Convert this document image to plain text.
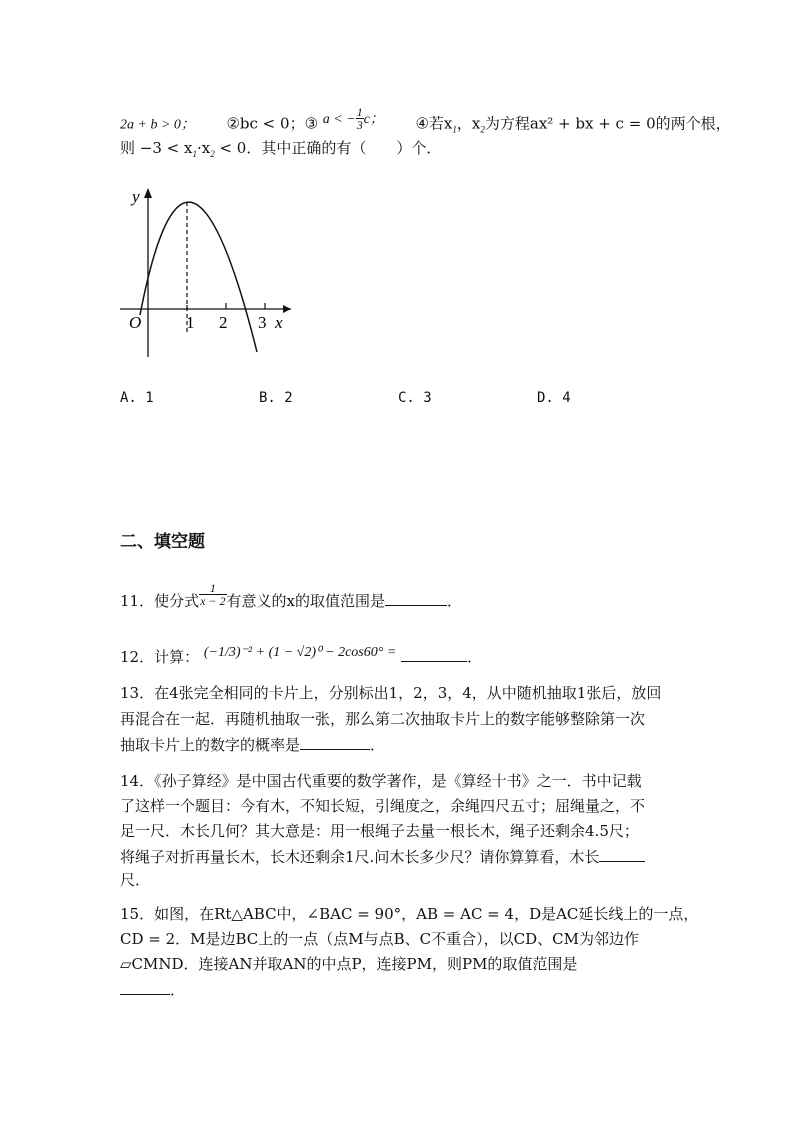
2a + b > 0； ②bc < 0；③ a < − $\frac{1}{3}$ c； ④若$x_1$，$x_2$为方程ax² + bx + c = 0的两个根，
则 $-3 < x_1\cdot x_2 < 0$．其中正确的有（　　）个．
y
O	1 2 3 x
A. 1	B. 2	C. 3	D. 4
二、填空题
11．使分式 $\frac{1}{x - 2}$ 有意义的x的取值范围是	．
12．计算： (−1/3)⁻² + (1 − √2)⁰ − 2cos60° =	．
13．在4张完全相同的卡片上，分别标出1，2，3，4，从中随机抽取1张后，放回
再混合在一起．再随机抽取一张，那么第二次抽取卡片上的数字能够整除第一次
抽取卡片上的数字的概率是	．
14．《孙子算经》是中国古代重要的数学著作，是《算经十书》之一．书中记载
了这样一个题目：今有木，不知长短，引绳度之，余绳四尺五寸；屈绳量之，不
足一尺．木长几何？其大意是：用一根绳子去量一根长木，绳子还剩余4.5尺；
将绳子对折再量长木，长木还剩余1尺.问木长多少尺？请你算算看，木长
尺．
15．如图，在Rt△ABC中，∠BAC = 90°，AB = AC = 4，D是AC延长线上的一点，
CD = 2．M是边BC上的一点（点M与点B、C不重合），以CD、CM为邻边作
▱CMND．连接AN并取AN的中点P，连接PM，则PM的取值范围是
．
